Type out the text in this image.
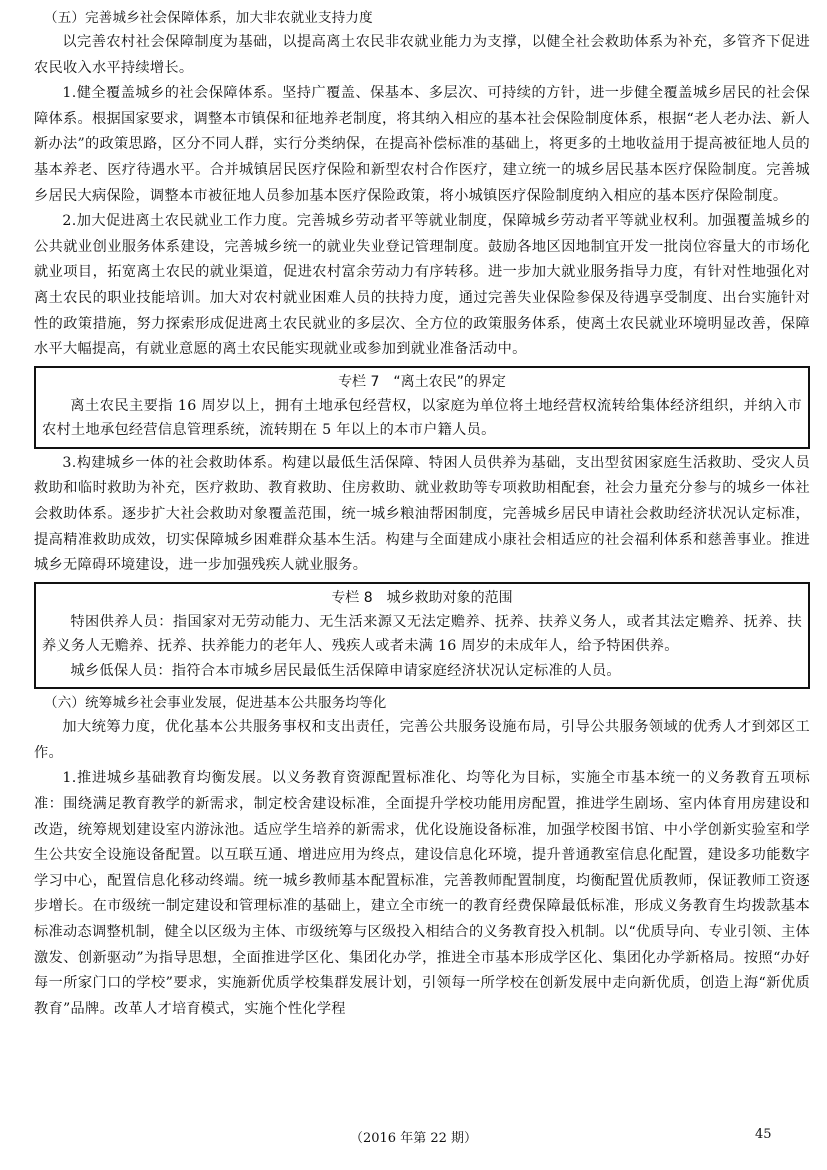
（五）完善城乡社会保障体系，加大非农就业支持力度

以完善农村社会保障制度为基础，以提高离土农民非农就业能力为支撑，以健全社会救助体系为补充，多管齐下促进农民收入水平持续增长。

1.健全覆盖城乡的社会保障体系。坚持广覆盖、保基本、多层次、可持续的方针，进一步健全覆盖城乡居民的社会保障体系。根据国家要求，调整本市镇保和征地养老制度，将其纳入相应的基本社会保险制度体系，根据“老人老办法、新人新办法”的政策思路，区分不同人群，实行分类纳保，在提高补偿标准的基础上，将更多的土地收益用于提高被征地人员的基本养老、医疗待遇水平。合并城镇居民医疗保险和新型农村合作医疗，建立统一的城乡居民基本医疗保险制度。完善城乡居民大病保险，调整本市被征地人员参加基本医疗保险政策，将小城镇医疗保险制度纳入相应的基本医疗保险制度。

2.加大促进离土农民就业工作力度。完善城乡劳动者平等就业制度，保障城乡劳动者平等就业权利。加强覆盖城乡的公共就业创业服务体系建设，完善城乡统一的就业失业登记管理制度。鼓励各地区因地制宜开发一批岗位容量大的市场化就业项目，拓宽离土农民的就业渠道，促进农村富余劳动力有序转移。进一步加大就业服务指导力度，有针对性地强化对离土农民的职业技能培训。加大对农村就业困难人员的扶持力度，通过完善失业保险参保及待遇享受制度、出台实施针对性的政策措施，努力探索形成促进离土农民就业的多层次、全方位的政策服务体系，使离土农民就业环境明显改善，保障水平大幅提高，有就业意愿的离土农民能实现就业或参加到就业准备活动中。

专栏 7　“离土农民”的界定

离土农民主要指 16 周岁以上，拥有土地承包经营权，以家庭为单位将土地经营权流转给集体经济组织，并纳入市农村土地承包经营信息管理系统，流转期在 5 年以上的本市户籍人员。

3.构建城乡一体的社会救助体系。构建以最低生活保障、特困人员供养为基础，支出型贫困家庭生活救助、受灾人员救助和临时救助为补充，医疗救助、教育救助、住房救助、就业救助等专项救助相配套，社会力量充分参与的城乡一体社会救助体系。逐步扩大社会救助对象覆盖范围，统一城乡粮油帮困制度，完善城乡居民申请社会救助经济状况认定标准，提高精准救助成效，切实保障城乡困难群众基本生活。构建与全面建成小康社会相适应的社会福利体系和慈善事业。推进城乡无障碍环境建设，进一步加强残疾人就业服务。

专栏 8　城乡救助对象的范围

特困供养人员：指国家对无劳动能力、无生活来源又无法定赡养、抚养、扶养义务人，或者其法定赡养、抚养、扶养义务人无赡养、抚养、扶养能力的老年人、残疾人或者未满 16 周岁的未成年人，给予特困供养。

城乡低保人员：指符合本市城乡居民最低生活保障申请家庭经济状况认定标准的人员。

（六）统筹城乡社会事业发展，促进基本公共服务均等化

加大统筹力度，优化基本公共服务事权和支出责任，完善公共服务设施布局，引导公共服务领域的优秀人才到郊区工作。

1.推进城乡基础教育均衡发展。以义务教育资源配置标准化、均等化为目标，实施全市基本统一的义务教育五项标准：围绕满足教育教学的新需求，制定校舍建设标准，全面提升学校功能用房配置，推进学生剧场、室内体育用房建设和改造，统筹规划建设室内游泳池。适应学生培养的新需求，优化设施设备标准，加强学校图书馆、中小学创新实验室和学生公共安全设施设备配置。以互联互通、增进应用为终点，建设信息化环境，提升普通教室信息化配置，建设多功能数字学习中心，配置信息化移动终端。统一城乡教师基本配置标准，完善教师配置制度，均衡配置优质教师，保证教师工资逐步增长。在市级统一制定建设和管理标准的基础上，建立全市统一的教育经费保障最低标准，形成义务教育生均拨款基本标准动态调整机制，健全以区级为主体、市级统筹与区级投入相结合的义务教育投入机制。以“优质导向、专业引领、主体激发、创新驱动”为指导思想，全面推进学区化、集团化办学，推进全市基本形成学区化、集团化办学新格局。按照“办好每一所家门口的学校”要求，实施新优质学校集群发展计划，引领每一所学校在创新发展中走向新优质，创造上海“新优质教育”品牌。改革人才培育模式，实施个性化学程

（2016 年第 22 期）	45
